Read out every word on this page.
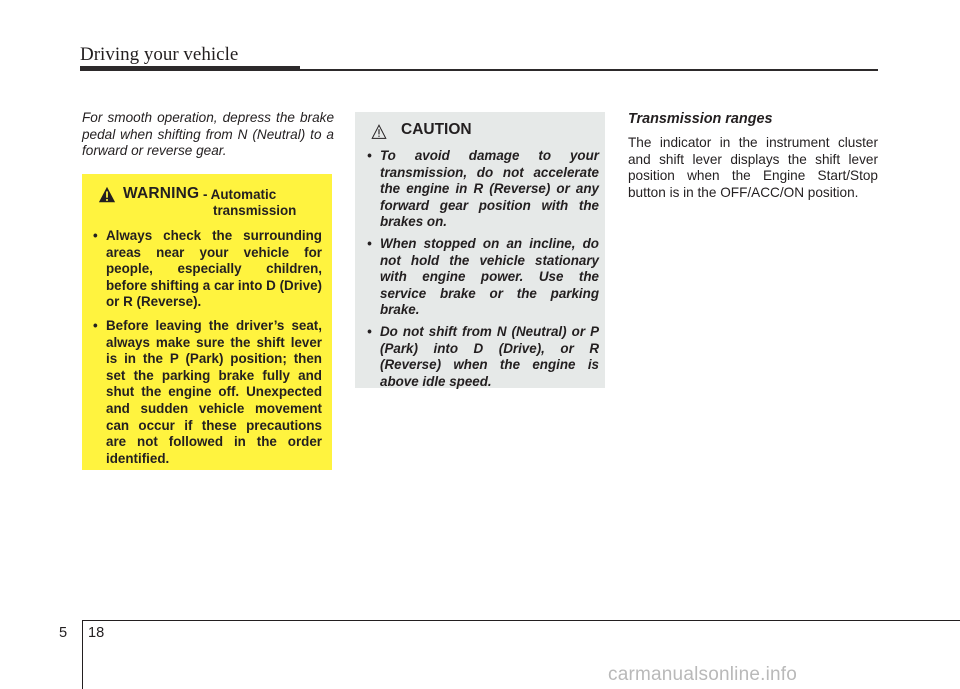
Driving your vehicle

For smooth operation, depress the brake pedal when shifting from N (Neutral) to a forward or reverse gear.

WARNING - Automatic
transmission
• Always check the surrounding areas near your vehicle for people, especially children, before shifting a car into D (Drive) or R (Reverse).
• Before leaving the driver’s seat, always make sure the shift lever is in the P (Park) position; then set the parking brake fully and shut the engine off. Unexpected and sudden vehicle movement can occur if these precautions are not followed in the order identified.
CAUTION
• To avoid damage to your transmission, do not accelerate the engine in R (Reverse) or any forward gear position with the brakes on.
• When stopped on an incline, do not hold the vehicle stationary with engine power. Use the service brake or the parking brake.
• Do not shift from N (Neutral) or P (Park) into D (Drive), or R (Reverse) when the engine is above idle speed.
Transmission ranges

The indicator in the instrument cluster and shift lever displays the shift lever position when the Engine Start/Stop button is in the OFF/ACC/ON position.

5 18
carmanualsonline.info
